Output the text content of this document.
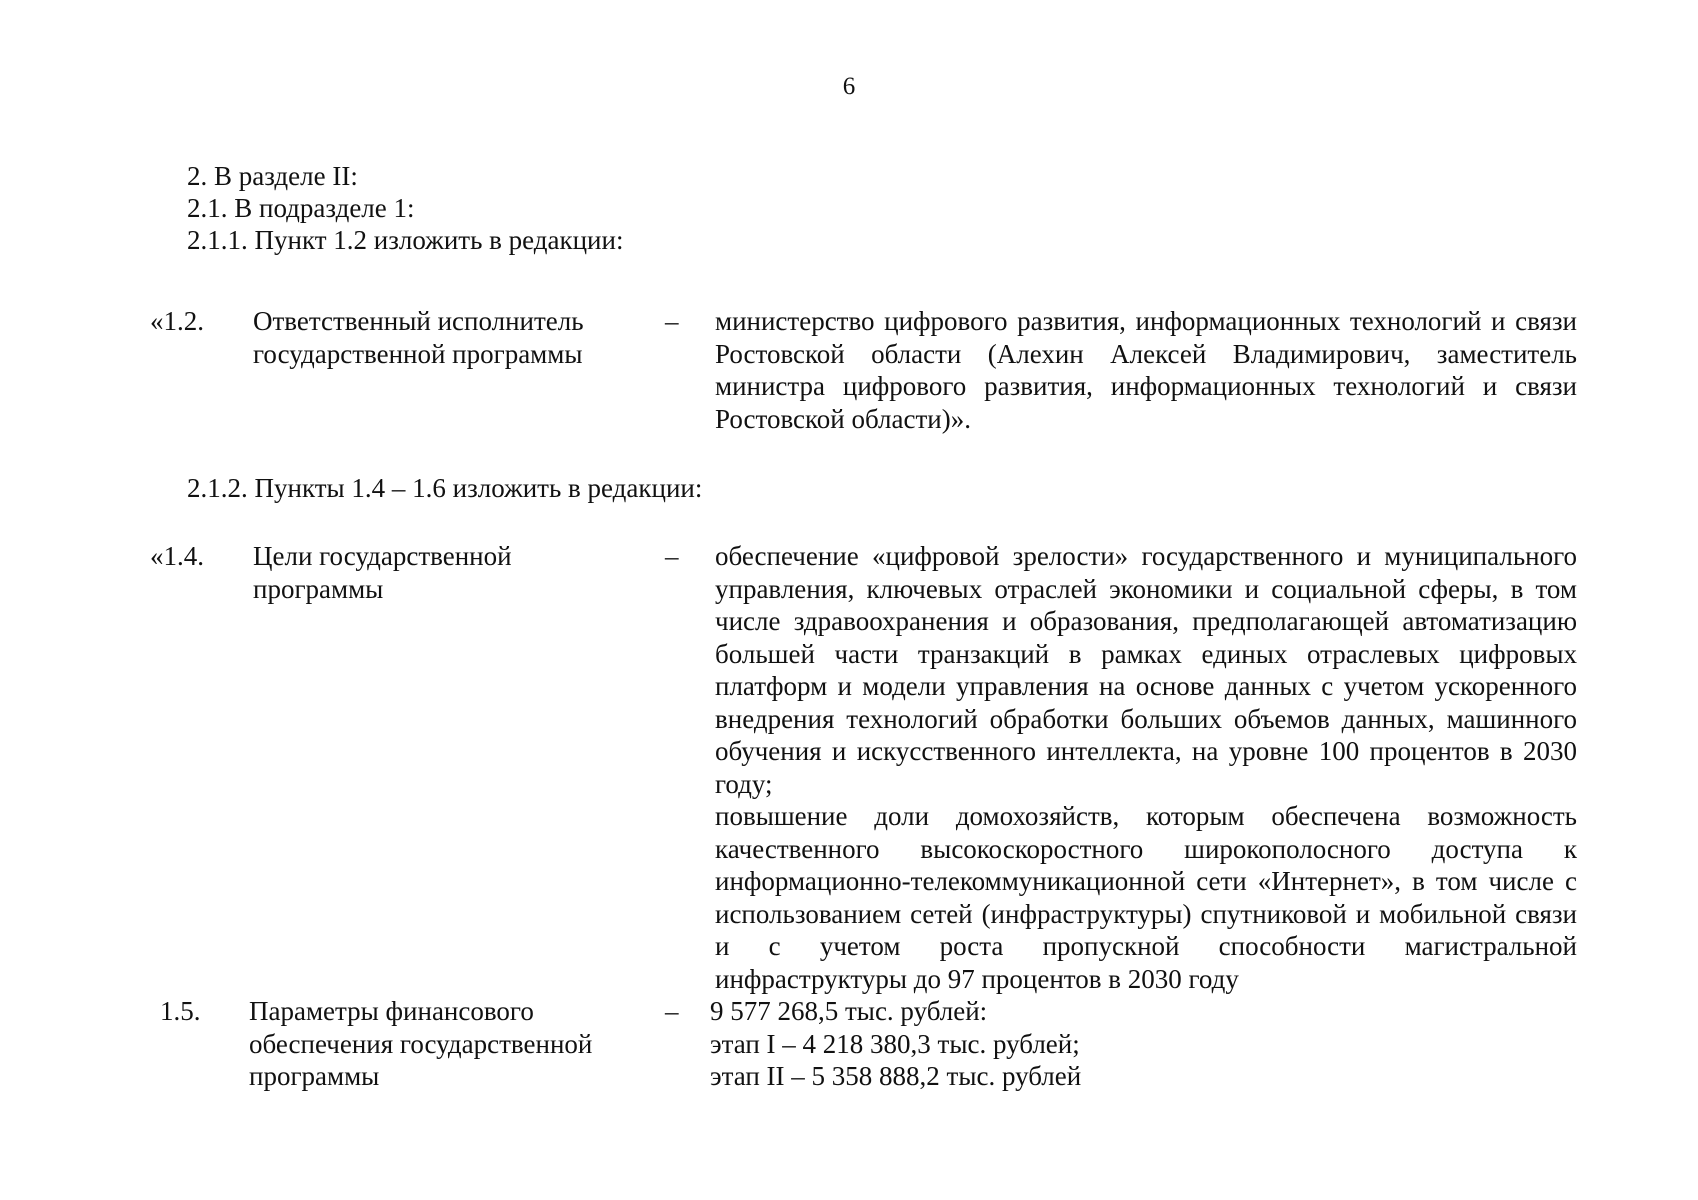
6
2. В разделе II:
2.1. В подразделе 1:
2.1.1. Пункт 1.2 изложить в редакции:
«1.2. Ответственный исполнитель государственной программы
– министерство цифрового развития, информационных технологий и связи Ростовской области (Алехин Алексей Владимирович, заместитель министра цифрового развития, информационных технологий и связи Ростовской области)».

2.1.2. Пункты 1.4 – 1.6 изложить в редакции:
«1.4. Цели государственной программы
– обеспечение «цифровой зрелости» государственного и муниципального управления, ключевых отраслей экономики и социальной сферы, в том числе здравоохранения и образования, предполагающей автоматизацию большей части транзакций в рамках единых отраслевых цифровых платформ и модели управления на основе данных с учетом ускоренного внедрения технологий обработки больших объемов данных, машинного обучения и искусственного интеллекта, на уровне 100 процентов в 2030 году;

повышение доли домохозяйств, которым обеспечена возможность качественного высокоскоростного широкополосного доступа к информационно-телекоммуникационной сети «Интернет», в том числе с использованием сетей (инфраструктуры) спутниковой и мобильной связи и с учетом роста пропускной способности магистральной инфраструктуры до 97 процентов в 2030 году

1.5. Параметры финансового обеспечения государственной программы
– 9 577 268,5 тыс. рублей:

этап I – 4 218 380,3 тыс. рублей;

этап II – 5 358 888,2 тыс. рублей
